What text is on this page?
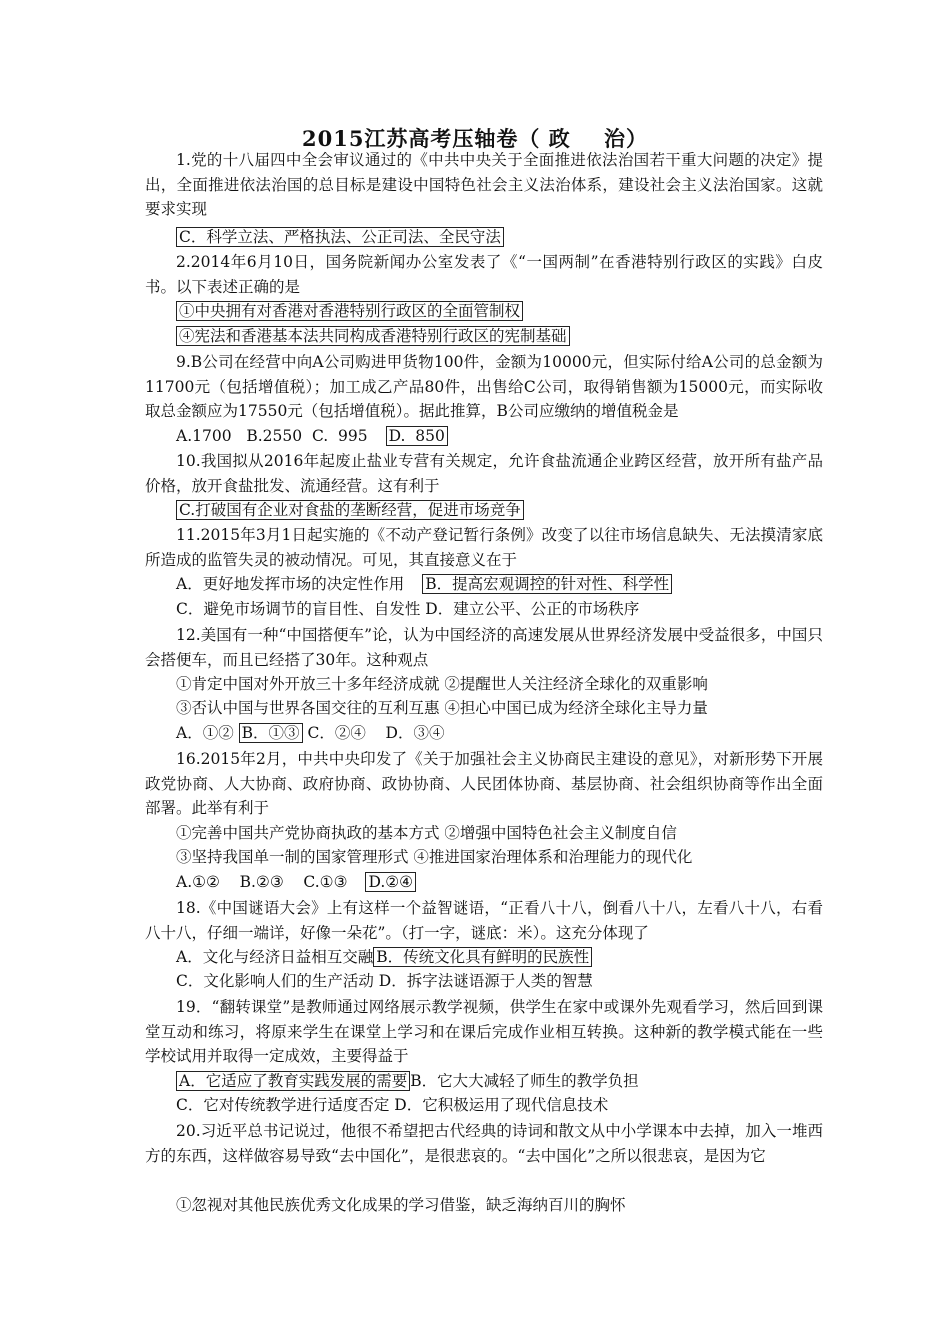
2015江苏高考压轴卷（ 政    治）
1.党的十八届四中全会审议通过的《中共中央关于全面推进依法治国若干重大问题的决定》提出，全面推进依法治国的总目标是建设中国特色社会主义法治体系，建设社会主义法治国家。这就要求实现
C．科学立法、严格执法、公正司法、全民守法
2.2014年6月10日，国务院新闻办公室发表了《“一国两制”在香港特别行政区的实践》白皮书。以下表述正确的是
①中央拥有对香港对香港特别行政区的全面管制权
④宪法和香港基本法共同构成香港特别行政区的宪制基础
9.B公司在经营中向A公司购进甲货物100件，金额为10000元，但实际付给A公司的总金额为11700元（包括增值税）；加工成乙产品80件，出售给C公司，取得销售额为15000元，而实际收取总金额应为17550元（包括增值税）。据此推算，B公司应缴纳的增值税金是
A.1700   B.2550  C.  995 D.  850
10.我国拟从2016年起废止盐业专营有关规定，允许食盐流通企业跨区经营，放开所有盐产品价格，放开食盐批发、流通经营。这有利于
C.打破国有企业对食盐的垄断经营，促进市场竞争
11.2015年3月1日起实施的《不动产登记暂行条例》改变了以往市场信息缺失、无法摸清家底所造成的监管失灵的被动情况。可见，其直接意义在于
A．更好地发挥市场的决定性作用 B．提高宏观调控的针对性、科学性
C．避免市场调节的盲目性、自发性 D．建立公平、公正的市场秩序
12.美国有一种“中国搭便车”论，认为中国经济的高速发展从世界经济发展中受益很多，中国只会搭便车，而且已经搭了30年。这种观点
①肯定中国对外开放三十多年经济成就 ②提醒世人关注经济全球化的双重影响
③否认中国与世界各国交往的互利互惠 ④担心中国已成为经济全球化主导力量
A．①② B．①③ C．②④    D．③④
16.2015年2月，中共中央印发了《关于加强社会主义协商民主建设的意见》，对新形势下开展政党协商、人大协商、政府协商、政协协商、人民团体协商、基层协商、社会组织协商等作出全面部署。此举有利于
①完善中国共产党协商执政的基本方式 ②增强中国特色社会主义制度自信
③坚持我国单一制的国家管理形式 ④推进国家治理体系和治理能力的现代化
A.①②    B.②③    C.①③ D.②④
18.《中国谜语大会》上有这样一个益智谜语，“正看八十八，倒看八十八，左看八十八，右看八十八，仔细一端详，好像一朵花”。（打一字，谜底：米）。这充分体现了
A．文化与经济日益相互交融 B．传统文化具有鲜明的民族性
C．文化影响人们的生产活动 D．拆字法谜语源于人类的智慧
19．“翻转课堂”是教师通过网络展示教学视频，供学生在家中或课外先观看学习，然后回到课堂互动和练习，将原来学生在课堂上学习和在课后完成作业相互转换。这种新的教学模式能在一些学校试用并取得一定成效，主要得益于
A．它适应了教育实践发展的需要 B．它大大减轻了师生的教学负担
C．它对传统教学进行适度否定 D．它积极运用了现代信息技术
20.习近平总书记说过，他很不希望把古代经典的诗词和散文从中小学课本中去掉，加入一堆西方的东西，这样做容易导致“去中国化”，是很悲哀的。“去中国化”之所以很悲哀，是因为它
①忽视对其他民族优秀文化成果的学习借鉴，缺乏海纳百川的胸怀
